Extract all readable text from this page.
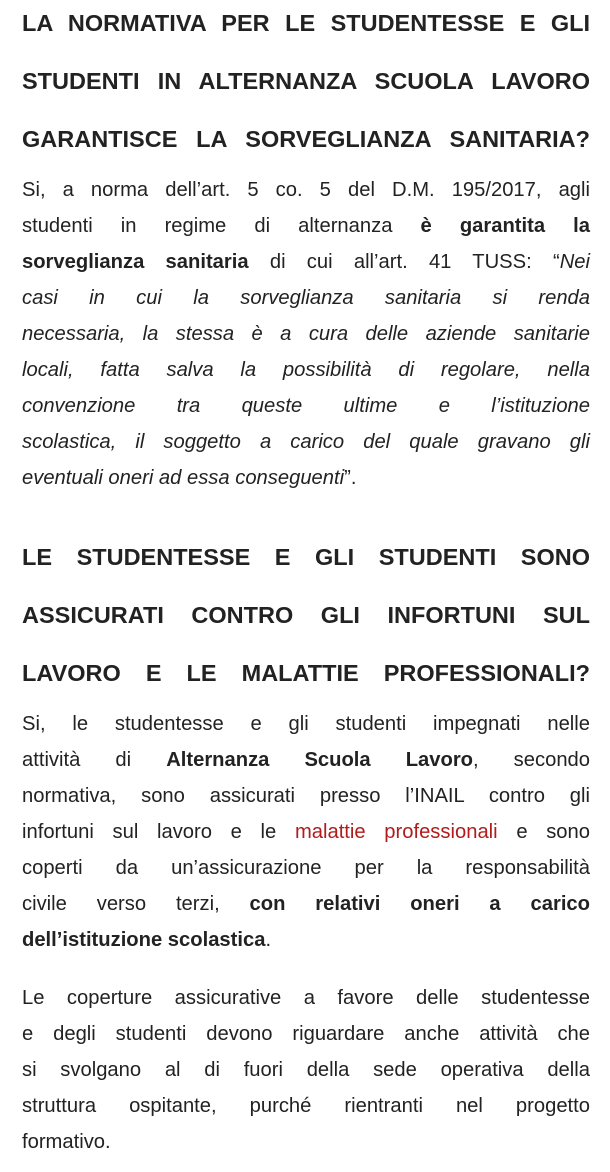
LA NORMATIVA PER LE STUDENTESSE E GLI
STUDENTI IN ALTERNANZA SCUOLA LAVORO
GARANTISCE LA SORVEGLIANZA SANITARIA?

Si, a norma dell’art. 5 co. 5 del D.M. 195/2017, agli
studenti in regime di alternanza è garantita la
sorveglianza sanitaria di cui all’art. 41 TUSS: “Nei
casi in cui la sorveglianza sanitaria si renda
necessaria, la stessa è a cura delle aziende sanitarie
locali, fatta salva la possibilità di regolare, nella
convenzione tra queste ultime e l’istituzione
scolastica, il soggetto a carico del quale gravano gli
eventuali oneri ad essa conseguenti”.

LE STUDENTESSE E GLI STUDENTI SONO
ASSICURATI CONTRO GLI INFORTUNI SUL
LAVORO E LE MALATTIE PROFESSIONALI?

Si, le studentesse e gli studenti impegnati nelle
attività di Alternanza Scuola Lavoro, secondo
normativa, sono assicurati presso l’INAIL contro gli
infortuni sul lavoro e le malattie professionali e sono
coperti da un’assicurazione per la responsabilità
civile verso terzi, con relativi oneri a carico
dell’istituzione scolastica.

Le coperture assicurative a favore delle studentesse
e degli studenti devono riguardare anche attività che
si svolgano al di fuori della sede operativa della
struttura ospitante, purché rientranti nel progetto
formativo.
